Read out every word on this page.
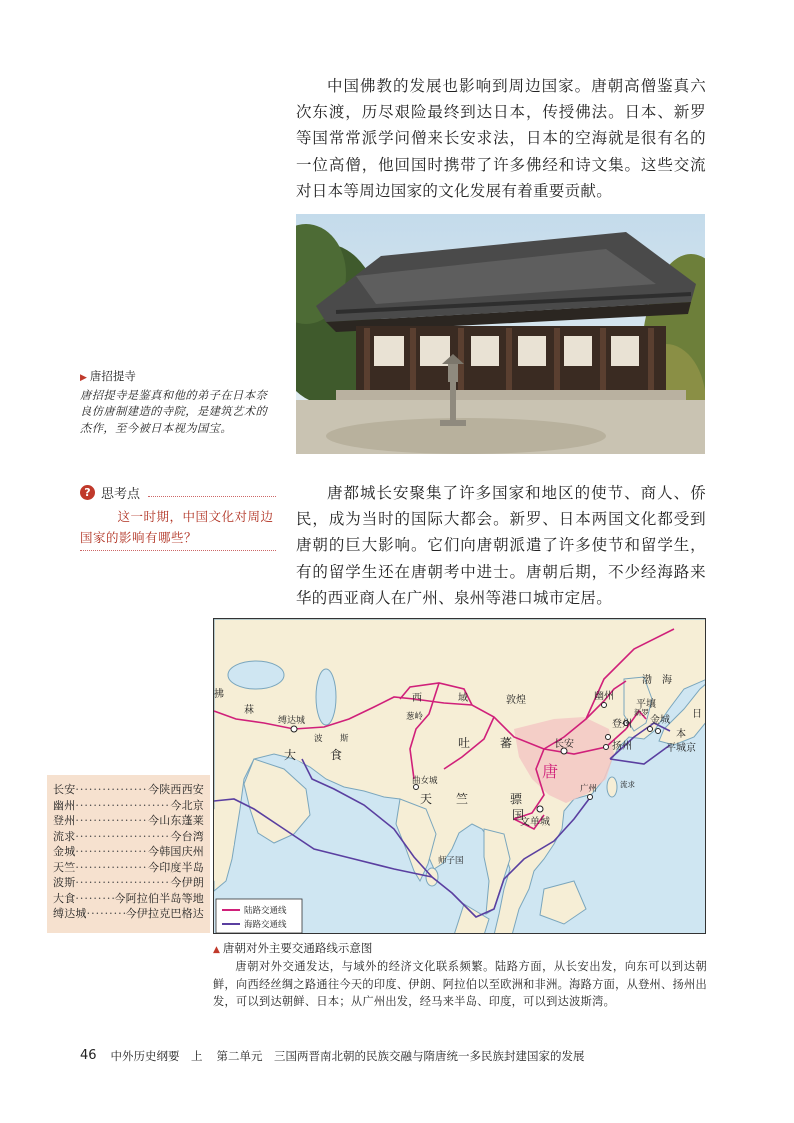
中国佛教的发展也影响到周边国家。唐朝高僧鉴真六次东渡，历尽艰险最终到达日本，传授佛法。日本、新罗等国常常派学问僧来长安求法，日本的空海就是很有名的一位高僧，他回国时携带了许多佛经和诗文集。这些交流对日本等周边国家的文化发展有着重要贡献。

▶ 唐招提寺
唐招提寺是鉴真和他的弟子在日本奈良仿唐制建造的寺院，是建筑艺术的杰作，至今被日本视为国宝。
? 思考点
这一时期，中国文化对周边国家的影响有哪些？

唐都城长安聚集了许多国家和地区的使节、商人、侨民，成为当时的国际大都会。新罗、日本两国文化都受到唐朝的巨大影响。它们向唐朝派遣了许多使节和留学生，有的留学生还在唐朝考中进士。唐朝后期，不少经海路来华的西亚商人在广州、泉州等港口城市定居。

陆路交通线
海路交通线
长安
唐
敦煌	幽州
渤 海
平壤
金城
登州
扬州	平城京
日
本
西	域
葱岭
吐 蕃
曲女城
天 竺	骠
国
文单城
师子国
缚达城
大	食
波 斯
拂
菻
广州	流求
新罗
长安 ·····	今陕西西安
幽州 ·····	今北京
登州 ·····	今山东蓬莱
流求 ·····	今台湾
金城 ·····	今韩国庆州
天竺 ·····	今印度半岛
波斯 ·····	今伊朗
大食 ·····	今阿拉伯半岛等地
缚达城 ·····	今伊拉克巴格达
▲ 唐朝对外主要交通路线示意图
唐朝对外交通发达，与域外的经济文化联系频繁。陆路方面，从长安出发，向东可以到达朝鲜，向西经丝绸之路通往今天的印度、伊朗、阿拉伯以至欧洲和非洲。海路方面，从登州、扬州出发，可以到达朝鲜、日本；从广州出发，经马来半岛、印度，可以到达波斯湾。
46 中外历史纲要　上 第二单元　三国两晋南北朝的民族交融与隋唐统一多民族封建国家的发展
